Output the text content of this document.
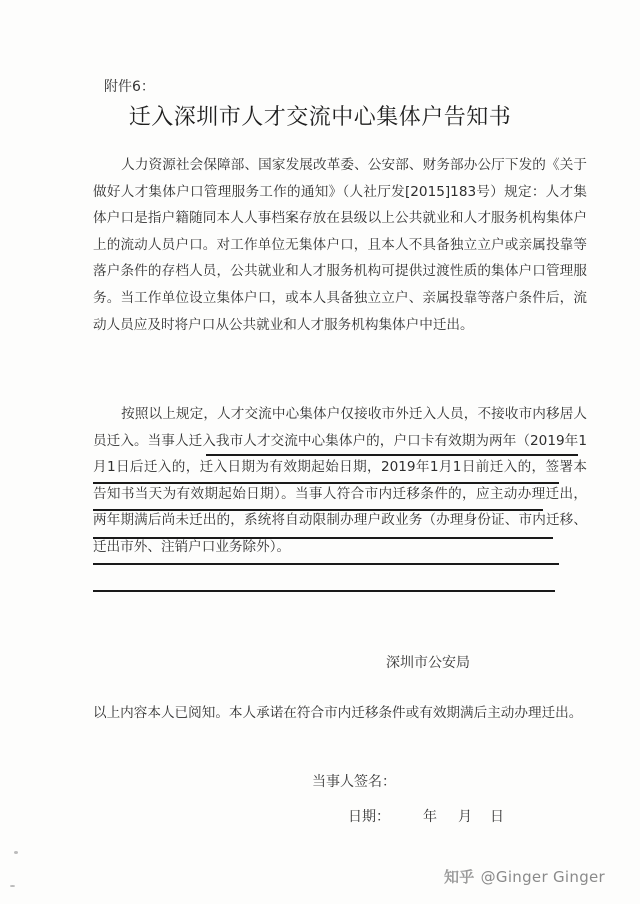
附件6：
迁入深圳市人才交流中心集体户告知书

人力资源社会保障部、国家发展改革委、公安部、财务部办公厅下发的《关于做好人才集体户口管理服务工作的通知》（人社厅发[2015]183号）规定：人才集体户口是指户籍随同本人人事档案存放在县级以上公共就业和人才服务机构集体户上的流动人员户口。对工作单位无集体户口，且本人不具备独立立户或亲属投靠等落户条件的存档人员，公共就业和人才服务机构可提供过渡性质的集体户口管理服务。当工作单位设立集体户口，或本人具备独立立户、亲属投靠等落户条件后，流动人员应及时将户口从公共就业和人才服务机构集体户中迁出。

按照以上规定，人才交流中心集体户仅接收市外迁入人员，不接收市内移居人员迁入。当事人迁入我市人才交流中心集体户的，户口卡有效期为两年（2019年1月1日后迁入的，迁入日期为有效期起始日期，2019年1月1日前迁入的，签署本告知书当天为有效期起始日期）。当事人符合市内迁移条件的，应主动办理迁出，两年期满后尚未迁出的，系统将自动限制办理户政业务（办理身份证、市内迁移、迁出市外、注销户口业务除外）。

深圳市公安局

以上内容本人已阅知。本人承诺在符合市内迁移条件或有效期满后主动办理迁出。

当事人签名：
日期： 年 月 日
知乎 @Ginger Ginger
